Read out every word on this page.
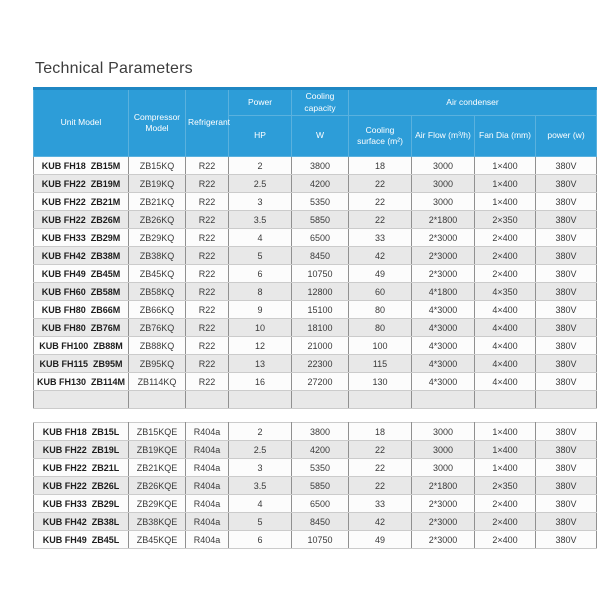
Technical Parameters
Unit Model	Compressor Model	Refrigerant	Power	Cooling capacity	Air condenser			
			HP	W	Cooling surface (m²)	Air Flow (m³/h)	Fan Dia (mm)	power (w)
KUB FH18  ZB15M	ZB15KQ	R22	2	3800	18	3000	1×400	380V
KUB FH22  ZB19M	ZB19KQ	R22	2.5	4200	22	3000	1×400	380V
KUB FH22  ZB21M	ZB21KQ	R22	3	5350	22	3000	1×400	380V
KUB FH22  ZB26M	ZB26KQ	R22	3.5	5850	22	2*1800	2×350	380V
KUB FH33  ZB29M	ZB29KQ	R22	4	6500	33	2*3000	2×400	380V
KUB FH42  ZB38M	ZB38KQ	R22	5	8450	42	2*3000	2×400	380V
KUB FH49  ZB45M	ZB45KQ	R22	6	10750	49	2*3000	2×400	380V
KUB FH60  ZB58M	ZB58KQ	R22	8	12800	60	4*1800	4×350	380V
KUB FH80  ZB66M	ZB66KQ	R22	9	15100	80	4*3000	4×400	380V
KUB FH80  ZB76M	ZB76KQ	R22	10	18100	80	4*3000	4×400	380V
KUB FH100  ZB88M	ZB88KQ	R22	12	21000	100	4*3000	4×400	380V
KUB FH115  ZB95M	ZB95KQ	R22	13	22300	115	4*3000	4×400	380V
KUB FH130  ZB114M	ZB114KQ	R22	16	27200	130	4*3000	4×400	380V

KUB FH18  ZB15L	ZB15KQE	R404a	2	3800	18	3000	1×400	380V
KUB FH22  ZB19L	ZB19KQE	R404a	2.5	4200	22	3000	1×400	380V
KUB FH22  ZB21L	ZB21KQE	R404a	3	5350	22	3000	1×400	380V
KUB FH22  ZB26L	ZB26KQE	R404a	3.5	5850	22	2*1800	2×350	380V
KUB FH33  ZB29L	ZB29KQE	R404a	4	6500	33	2*3000	2×400	380V
KUB FH42  ZB38L	ZB38KQE	R404a	5	8450	42	2*3000	2×400	380V
KUB FH49  ZB45L	ZB45KQE	R404a	6	10750	49	2*3000	2×400	380V
